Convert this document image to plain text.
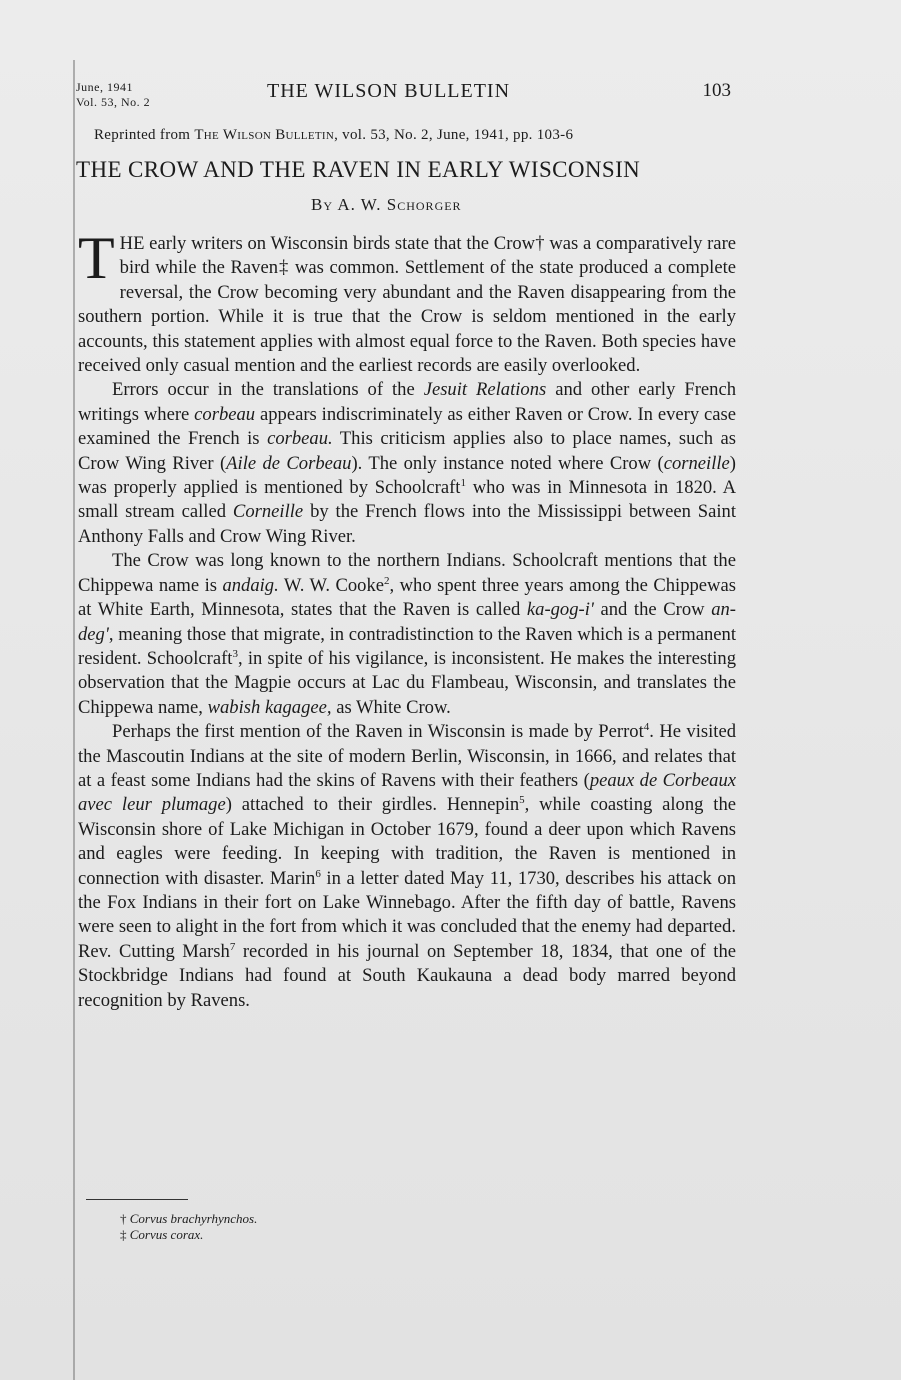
June, 1941
Vol. 53, No. 2	THE WILSON BULLETIN	103
Reprinted from The Wilson Bulletin, vol. 53, No. 2, June, 1941, pp. 103-6
THE CROW AND THE RAVEN IN EARLY WISCONSIN
By A. W. Schorger

THE early writers on Wisconsin birds state that the Crow† was a comparatively rare bird while the Raven‡ was common. Settlement of the state produced a complete reversal, the Crow becoming very abundant and the Raven disappearing from the southern portion. While it is true that the Crow is seldom mentioned in the early accounts, this statement applies with almost equal force to the Raven. Both species have received only casual mention and the earliest records are easily overlooked.

Errors occur in the translations of the Jesuit Relations and other early French writings where corbeau appears indiscriminately as either Raven or Crow. In every case examined the French is corbeau. This criticism applies also to place names, such as Crow Wing River (Aile de Corbeau). The only instance noted where Crow (corneille) was properly applied is mentioned by Schoolcraft$^1$ who was in Minnesota in 1820. A small stream called Corneille by the French flows into the Mississippi between Saint Anthony Falls and Crow Wing River.

The Crow was long known to the northern Indians. Schoolcraft mentions that the Chippewa name is andaig. W. W. Cooke$^2$, who spent three years among the Chippewas at White Earth, Minnesota, states that the Raven is called ka-gog-i' and the Crow an-deg', meaning those that migrate, in contradistinction to the Raven which is a permanent resident. Schoolcraft$^3$, in spite of his vigilance, is inconsistent. He makes the interesting observation that the Magpie occurs at Lac du Flambeau, Wisconsin, and translates the Chippewa name, wabish kagagee, as White Crow.

Perhaps the first mention of the Raven in Wisconsin is made by Perrot$^4$. He visited the Mascoutin Indians at the site of modern Berlin, Wisconsin, in 1666, and relates that at a feast some Indians had the skins of Ravens with their feathers (peaux de Corbeaux avec leur plumage) attached to their girdles. Hennepin$^5$, while coasting along the Wisconsin shore of Lake Michigan in October 1679, found a deer upon which Ravens and eagles were feeding. In keeping with tradition, the Raven is mentioned in connection with disaster. Marin$^6$ in a letter dated May 11, 1730, describes his attack on the Fox Indians in their fort on Lake Winnebago. After the fifth day of battle, Ravens were seen to alight in the fort from which it was concluded that the enemy had departed. Rev. Cutting Marsh$^7$ recorded in his journal on September 18, 1834, that one of the Stockbridge Indians had found at South Kaukauna a dead body marred beyond recognition by Ravens.

† Corvus brachyrhynchos.
‡ Corvus corax.
